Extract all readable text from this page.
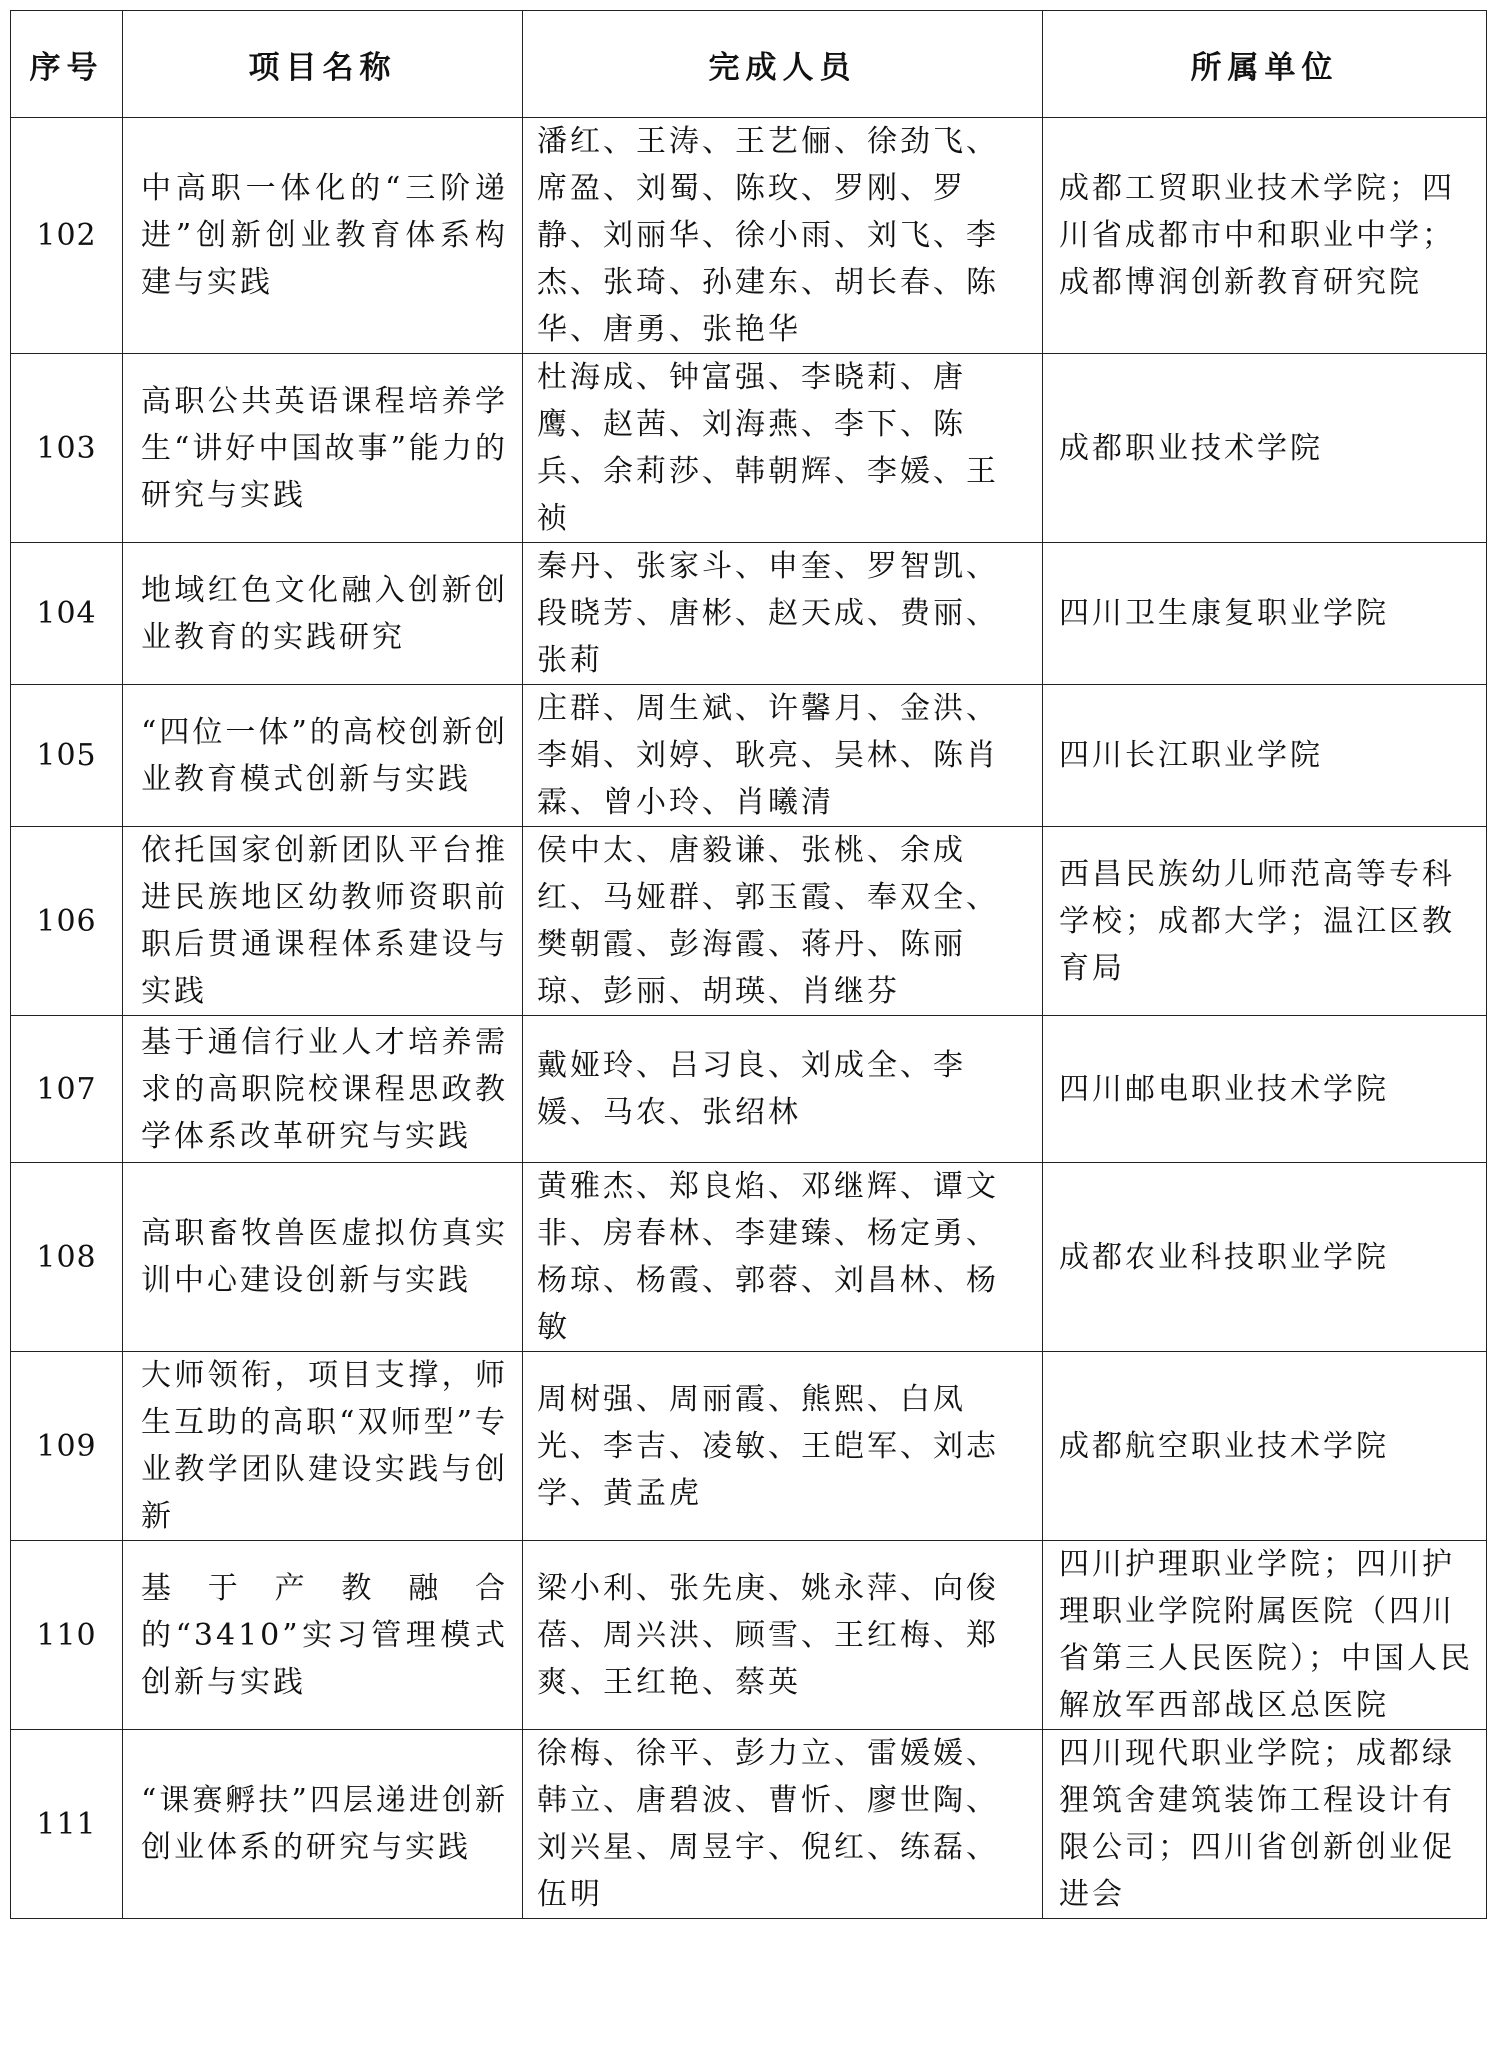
序号	项目名称	完成人员	所属单位
102	中高职一体化的“三阶递进”创新创业教育体系构建与实践	潘红、王涛、王艺俪、徐劲飞、席盈、刘蜀、陈玫、罗刚、罗静、刘丽华、徐小雨、刘飞、李杰、张琦、孙建东、胡长春、陈华、唐勇、张艳华	成都工贸职业技术学院；四川省成都市中和职业中学；成都博润创新教育研究院

103	高职公共英语课程培养学生“讲好中国故事”能力的研究与实践	杜海成、钟富强、李晓莉、唐鹰、赵茜、刘海燕、李下、陈兵、余莉莎、韩朝辉、李媛、王祯	成都职业技术学院

104	地域红色文化融入创新创业教育的实践研究	秦丹、张家斗、申奎、罗智凯、段晓芳、唐彬、赵天成、费丽、张莉	四川卫生康复职业学院

105	“四位一体”的高校创新创业教育模式创新与实践	庄群、周生斌、许馨月、金洪、李娟、刘婷、耿亮、吴林、陈肖霖、曾小玲、肖曦清	四川长江职业学院

106	依托国家创新团队平台推进民族地区幼教师资职前职后贯通课程体系建设与实践	侯中太、唐毅谦、张桃、余成红、马娅群、郭玉霞、奉双全、樊朝霞、彭海霞、蒋丹、陈丽琼、彭丽、胡瑛、肖继芬	西昌民族幼儿师范高等专科学校；成都大学；温江区教育局

107	基于通信行业人才培养需求的高职院校课程思政教学体系改革研究与实践	戴娅玲、吕习良、刘成全、李媛、马农、张绍林	四川邮电职业技术学院

108	高职畜牧兽医虚拟仿真实训中心建设创新与实践	黄雅杰、郑良焰、邓继辉、谭文非、房春林、李建臻、杨定勇、杨琼、杨霞、郭蓉、刘昌林、杨敏	成都农业科技职业学院

109	大师领衔，项目支撑，师生互助的高职“双师型”专业教学团队建设实践与创新	周树强、周丽霞、熊熙、白凤光、李吉、凌敏、王皑军、刘志学、黄孟虎	成都航空职业技术学院

110	基于产教融合的“3410”实习管理模式创新与实践	梁小利、张先庚、姚永萍、向俊蓓、周兴洪、顾雪、王红梅、郑爽、王红艳、蔡英	四川护理职业学院；四川护理职业学院附属医院（四川省第三人民医院）；中国人民解放军西部战区总医院

111	“课赛孵扶”四层递进创新创业体系的研究与实践	徐梅、徐平、彭力立、雷媛媛、韩立、唐碧波、曹忻、廖世陶、刘兴星、周昱宇、倪红、练磊、伍明	四川现代职业学院；成都绿狸筑舍建筑装饰工程设计有限公司；四川省创新创业促进会
